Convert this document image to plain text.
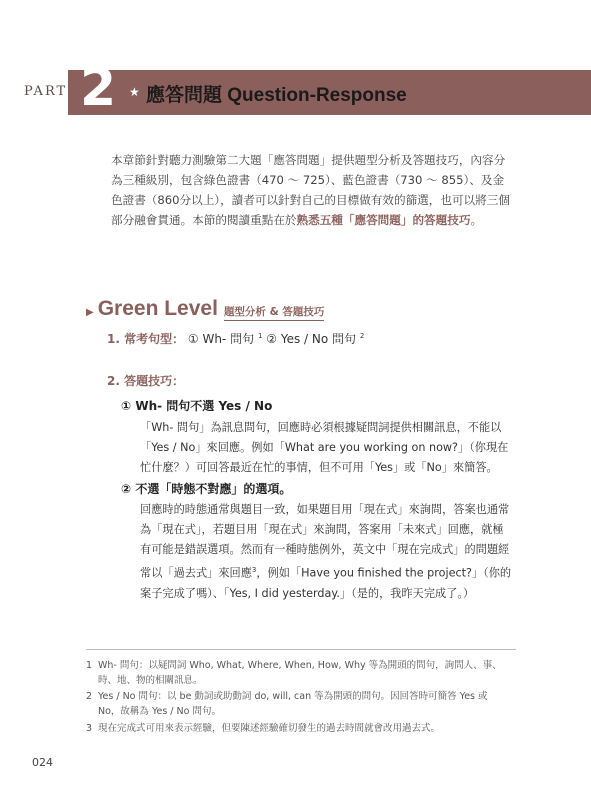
PART 2 ★ 應答問題 Question-Response
本章節針對聽力測驗第二大題「應答問題」提供題型分析及答題技巧，內容分為三種級別，包含綠色證書（470 ～ 725）、藍色證書（730 ～ 855）、及金色證書（860分以上），讀者可以針對自己的目標做有效的篩選，也可以將三個部分融會貫通。本節的閱讀重點在於熟悉五種「應答問題」的答題技巧。
▶ Green Level 題型分析 & 答題技巧
1. 常考句型： ① Wh- 問句 $^1$ ② Yes / No 問句 $^2$
2. 答題技巧：
① Wh- 問句不選 Yes / No
「Wh- 問句」為訊息問句，回應時必須根據疑問詞提供相關訊息，不能以「Yes / No」來回應。例如「What are you working on now?」（你現在忙什麼？）可回答最近在忙的事情，但不可用「Yes」或「No」來簡答。
② 不選「時態不對應」的選項。
回應時的時態通常與題目一致，如果題目用「現在式」來詢問，答案也通常為「現在式」，若題目用「現在式」來詢問，答案用「未來式」回應，就極有可能是錯誤選項。然而有一種時態例外，英文中「現在完成式」的問題經常以「過去式」來回應$^3$，例如「Have you finished the project?」（你的案子完成了嗎）、「Yes, I did yesterday.」（是的，我昨天完成了。）
1 Wh- 問句：以疑問詞 Who, What, Where, When, How, Why 等為開頭的問句，詢問人、事、時、地、物的相關訊息。
2 Yes / No 問句：以 be 動詞或助動詞 do, will, can 等為開頭的問句。因回答時可簡答 Yes 或 No，故稱為 Yes / No 問句。
3 現在完成式可用來表示經驗，但要陳述經驗確切發生的過去時間就會改用過去式。
024
